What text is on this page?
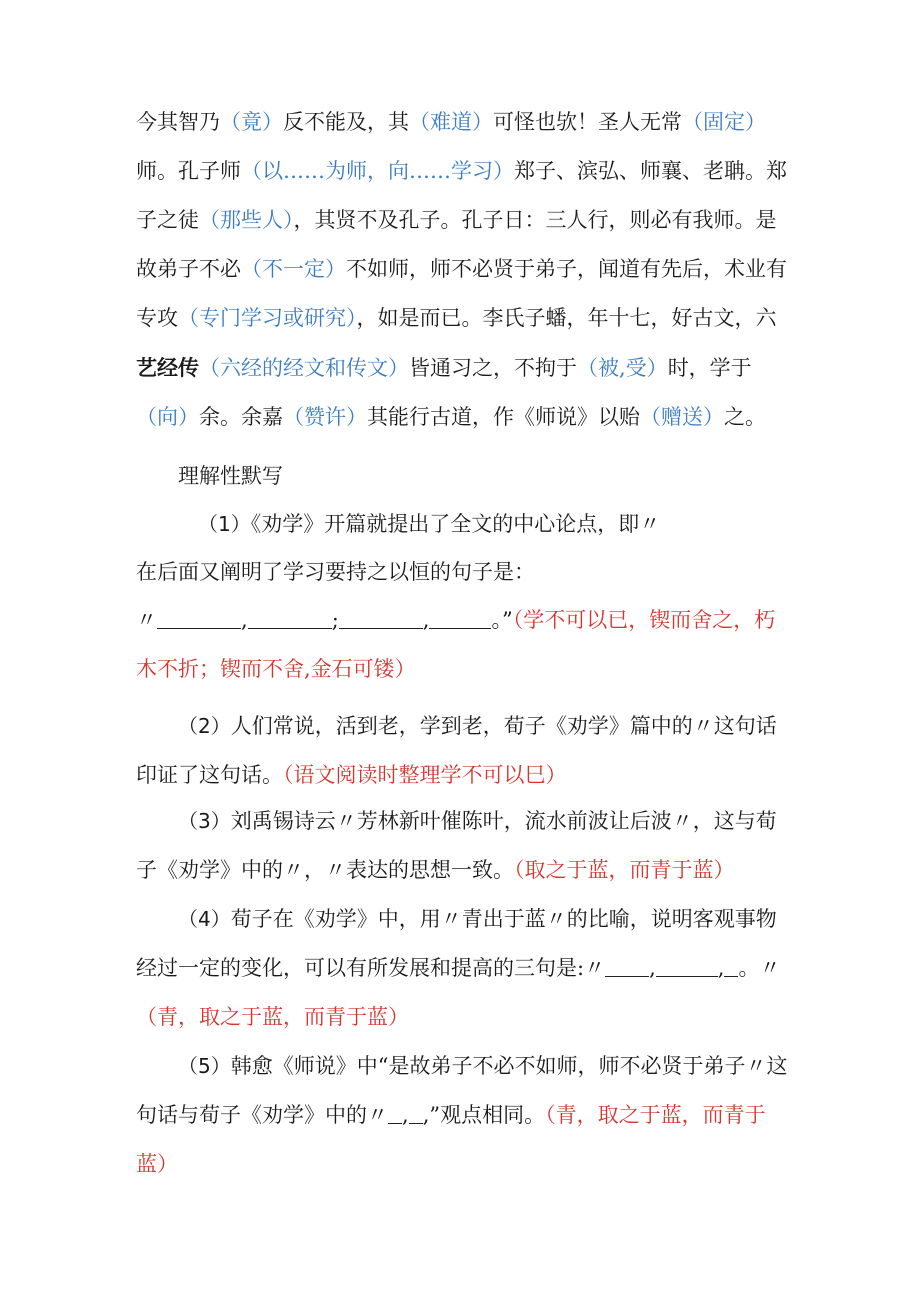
今其智乃（竟）反不能及，其（难道）可怪也欤！圣人无常（固定）师。孔子师（以……为师，向……学习）郑子、滨弘、师襄、老聃。郑子之徒（那些人），其贤不及孔子。孔子日：三人行，则必有我师。是故弟子不必（不一定）不如师，师不必贤于弟子，闻道有先后，术业有专攻（专门学习或研究），如是而已。李氏子蟠，年十七，好古文，六艺经传（六经的经文和传文）皆通习之，不拘于（被,受）时，学于（向）余。余嘉（赞许）其能行古道，作《师说》以贻（赠送）之。
理解性默写
（1）《劝学》开篇就提出了全文的中心论点，即〃
在后面又阐明了学习要持之以恒的句子是：
〃	,	;	,	。”（学不可以已，锲而舍之，朽木不折；锲而不舍,金石可镂）
（2）人们常说，活到老，学到老，荀子《劝学》篇中的〃这句话印证了这句话。（语文阅读时整理学不可以巳）
（3）刘禹锡诗云〃芳林新叶催陈叶，流水前波让后波〃，这与荀子《劝学》中的〃，〃表达的思想一致。（取之于蓝，而青于蓝）
（4）荀子在《劝学》中，用〃青出于蓝〃的比喻，说明客观事物经过一定的变化，可以有所发展和提高的三句是:〃 ,	, 。〃（青，取之于蓝，而青于蓝）
（5）韩愈《师说》中“是故弟子不必不如师，师不必贤于弟子〃这句话与荀子《劝学》中的〃 , ,”观点相同。（青，取之于蓝，而青于蓝）
